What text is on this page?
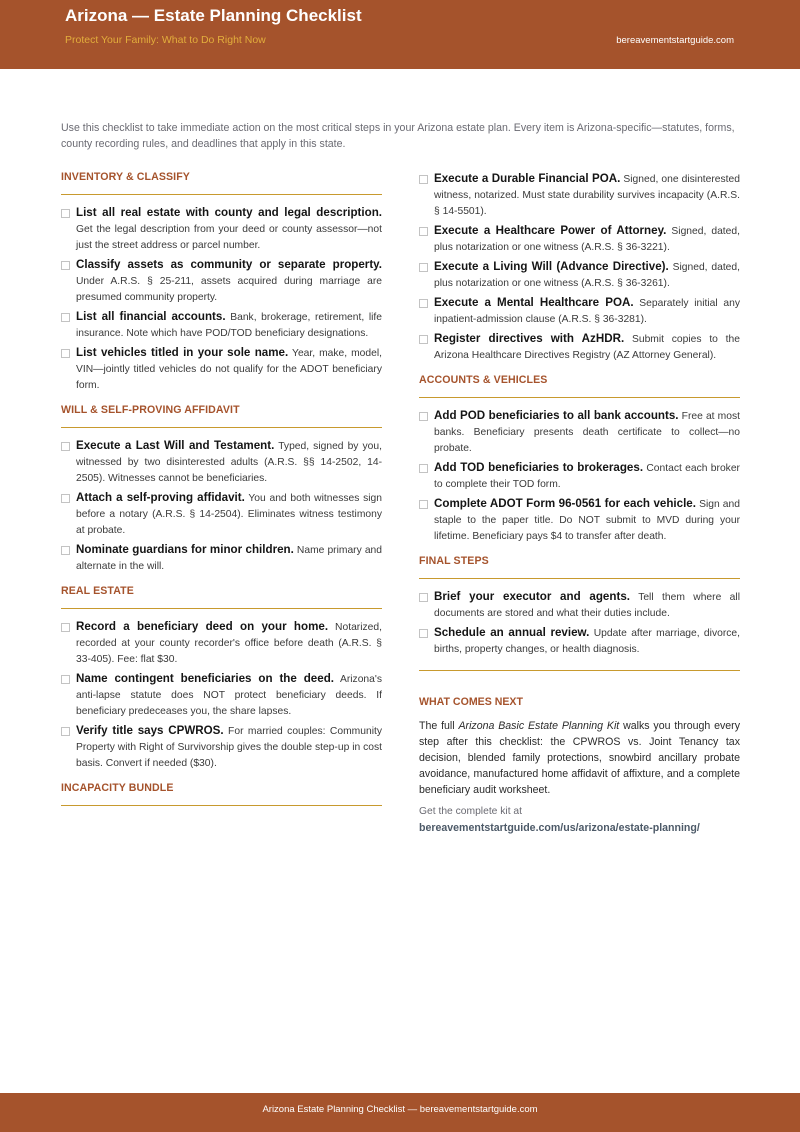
Arizona — Estate Planning Checklist
Protect Your Family: What to Do Right Now	bereavementstartguide.com
Use this checklist to take immediate action on the most critical steps in your Arizona estate plan. Every item is Arizona-specific—statutes, forms, county recording rules, and deadlines that apply in this state.
INVENTORY & CLASSIFY
List all real estate with county and legal description. Get the legal description from your deed or county assessor—not just the street address or parcel number.
Classify assets as community or separate property. Under A.R.S. § 25-211, assets acquired during marriage are presumed community property.
List all financial accounts. Bank, brokerage, retirement, life insurance. Note which have POD/TOD beneficiary designations.
List vehicles titled in your sole name. Year, make, model, VIN—jointly titled vehicles do not qualify for the ADOT beneficiary form.
WILL & SELF-PROVING AFFIDAVIT
Execute a Last Will and Testament. Typed, signed by you, witnessed by two disinterested adults (A.R.S. §§ 14-2502, 14-2505). Witnesses cannot be beneficiaries.
Attach a self-proving affidavit. You and both witnesses sign before a notary (A.R.S. § 14-2504). Eliminates witness testimony at probate.
Nominate guardians for minor children. Name primary and alternate in the will.
REAL ESTATE
Record a beneficiary deed on your home. Notarized, recorded at your county recorder's office before death (A.R.S. § 33-405). Fee: flat $30.
Name contingent beneficiaries on the deed. Arizona's anti-lapse statute does NOT protect beneficiary deeds. If beneficiary predeceases you, the share lapses.
Verify title says CPWROS. For married couples: Community Property with Right of Survivorship gives the double step-up in cost basis. Convert if needed ($30).
INCAPACITY BUNDLE
Execute a Durable Financial POA. Signed, one disinterested witness, notarized. Must state durability survives incapacity (A.R.S. § 14-5501).
Execute a Healthcare Power of Attorney. Signed, dated, plus notarization or one witness (A.R.S. § 36-3221).
Execute a Living Will (Advance Directive). Signed, dated, plus notarization or one witness (A.R.S. § 36-3261).
Execute a Mental Healthcare POA. Separately initial any inpatient-admission clause (A.R.S. § 36-3281).
Register directives with AzHDR. Submit copies to the Arizona Healthcare Directives Registry (AZ Attorney General).
ACCOUNTS & VEHICLES
Add POD beneficiaries to all bank accounts. Free at most banks. Beneficiary presents death certificate to collect—no probate.
Add TOD beneficiaries to brokerages. Contact each broker to complete their TOD form.
Complete ADOT Form 96-0561 for each vehicle. Sign and staple to the paper title. Do NOT submit to MVD during your lifetime. Beneficiary pays $4 to transfer after death.
FINAL STEPS
Brief your executor and agents. Tell them where all documents are stored and what their duties include.
Schedule an annual review. Update after marriage, divorce, births, property changes, or health diagnosis.
WHAT COMES NEXT
The full Arizona Basic Estate Planning Kit walks you through every step after this checklist: the CPWROS vs. Joint Tenancy tax decision, blended family protections, snowbird ancillary probate avoidance, manufactured home affidavit of affixture, and a complete beneficiary audit worksheet.
Get the complete kit at
bereavementstartguide.com/us/arizona/estate-planning/
Arizona Estate Planning Checklist — bereavementstartguide.com
